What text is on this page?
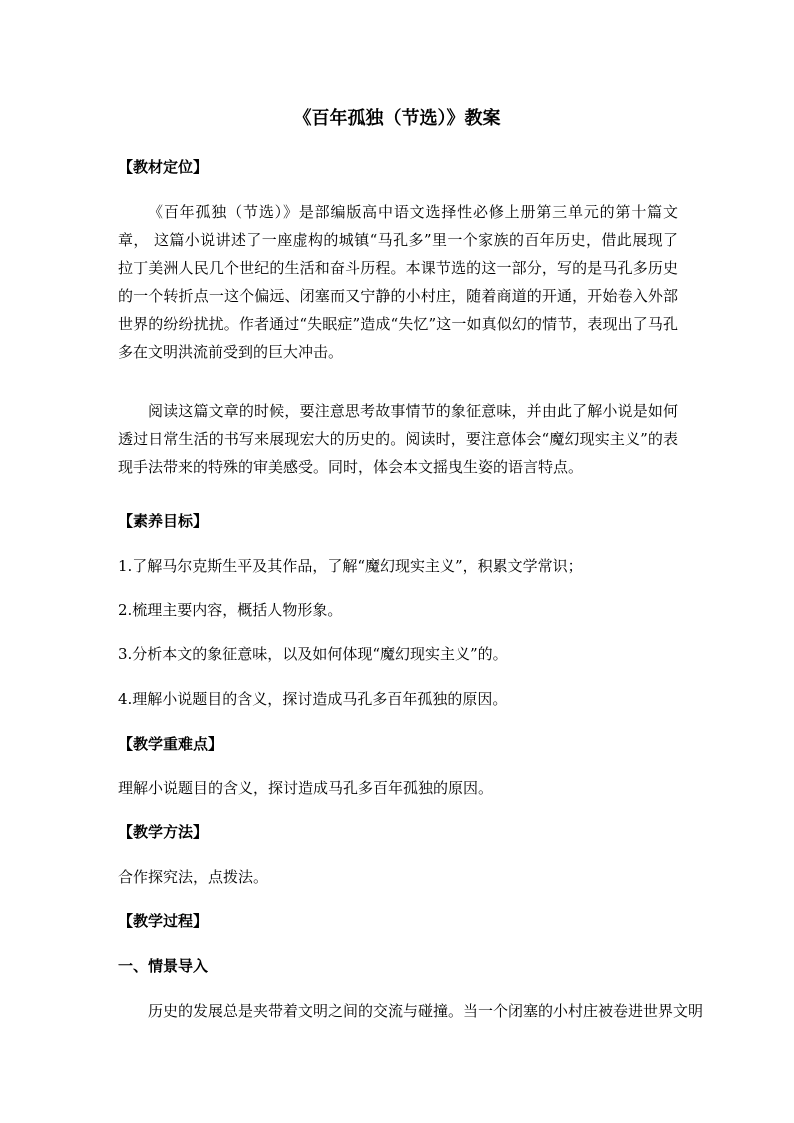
《百年孤独（节选）》教案
【教材定位】
《百年孤独（节选）》是部编版高中语文选择性必修上册第三单元的第十篇文章， 这篇小说讲述了一座虚构的城镇“马孔多”里一个家族的百年历史，借此展现了拉丁美洲人民几个世纪的生活和奋斗历程。本课节选的这一部分，写的是马孔多历史的一个转折点一这个偏远、闭塞而又宁静的小村庄，随着商道的开通，开始卷入外部世界的纷纷扰扰。作者通过“失眠症”造成“失忆”这一如真似幻的情节，表现出了马孔多在文明洪流前受到的巨大冲击。
阅读这篇文章的时候，要注意思考故事情节的象征意味，并由此了解小说是如何透过日常生活的书写来展现宏大的历史的。阅读时，要注意体会“魔幻现实主义”的表现手法带来的特殊的审美感受。同时，体会本文摇曳生姿的语言特点。
【素养目标】
1.了解马尔克斯生平及其作品，了解“魔幻现实主义”，积累文学常识；
2.梳理主要内容，概括人物形象。
3.分析本文的象征意味，以及如何体现“魔幻现实主义”的。
4.理解小说题目的含义，探讨造成马孔多百年孤独的原因。
【教学重难点】
理解小说题目的含义，探讨造成马孔多百年孤独的原因。
【教学方法】
合作探究法，点拨法。
【教学过程】
一、情景导入
历史的发展总是夹带着文明之间的交流与碰撞。当一个闭塞的小村庄被卷进世界文明
